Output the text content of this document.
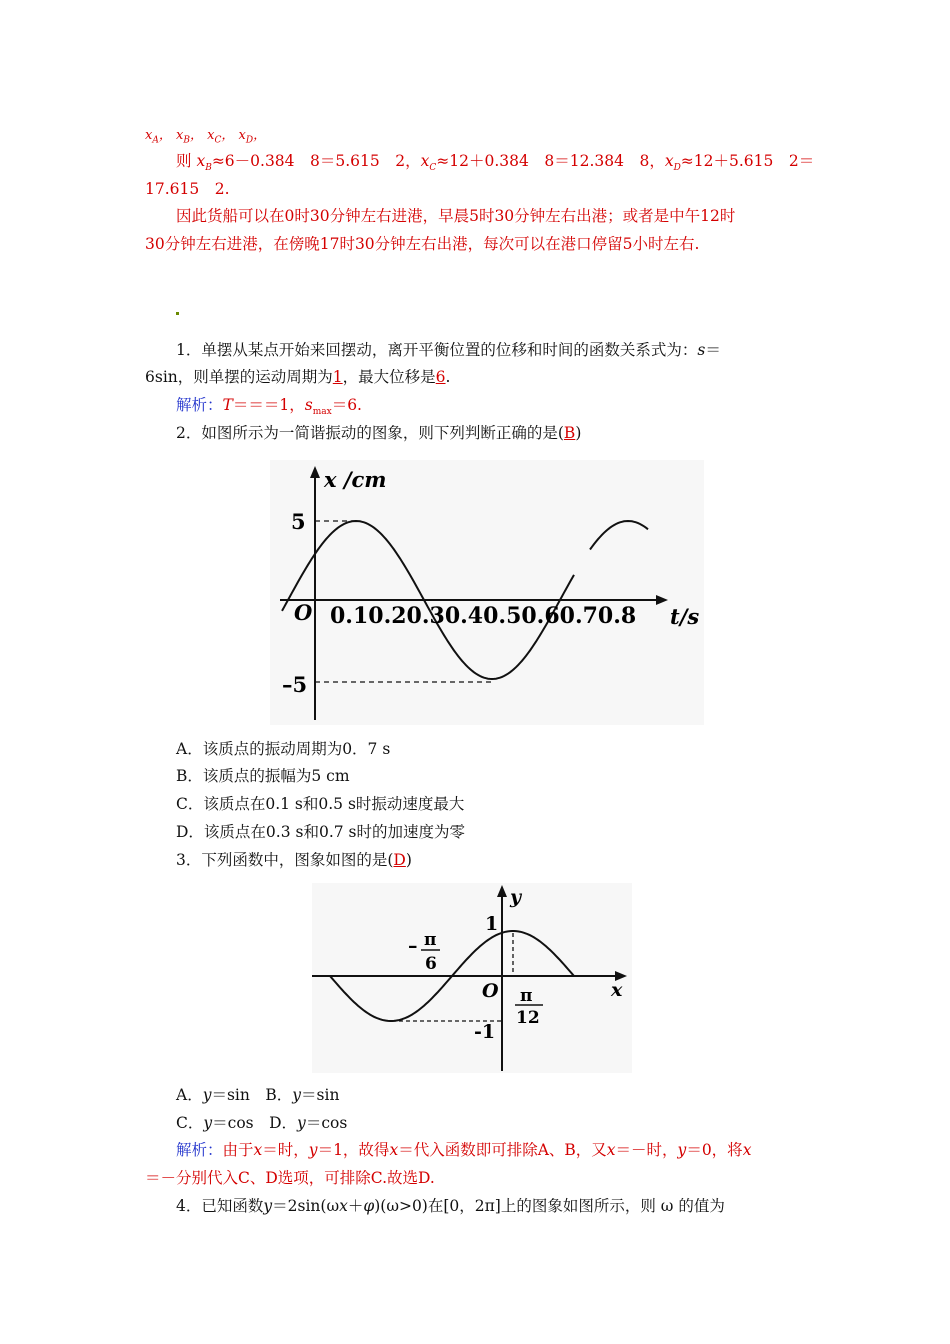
$x_A$， $x_B$， $x_C$， $x_D$，
则 $x_B\approx 6-0.384$　8＝5.615　2，$x_C\approx 12+0.384$　8＝12.384　8，$x_D\approx 12+5.615$　2＝
17.615　2.
因此货船可以在0时30分钟左右进港，早晨5时30分钟左右出港；或者是中午12时
30分钟左右进港，在傍晚17时30分钟左右出港，每次可以在港口停留5小时左右.
1．单摆从某点开始来回摆动，离开平衡位置的位移和时间的函数关系式为：s＝
6sin，则单摆的运动周期为1，最大位移是6.
解析：T＝＝＝1，$s_{max}=6$.
2．如图所示为一简谐振动的图象，则下列判断正确的是(B)
x /cm
t/s
O
5
–5
0.10.20.30.40.50.60.70.8
A．该质点的振动周期为0．7 s
B．该质点的振幅为5 cm
C．该质点在0.1 s和0.5 s时振动速度最大
D．该质点在0.3 s和0.7 s时的加速度为零
3．下列函数中，图象如图的是(D)
y
x
O
1
-1
– π
6
π
12
A．y＝sin　B．y＝sin
C．y＝cos　D．y＝cos
解析：由于x＝时，y＝1，故得x＝代入函数即可排除A、B，又x＝－时，y＝0，将x
＝－分别代入C、D选项，可排除C.故选D.
4．已知函数y＝2sin(ωx＋φ)(ω>0)在[0，2π]上的图象如图所示，则 ω 的值为
